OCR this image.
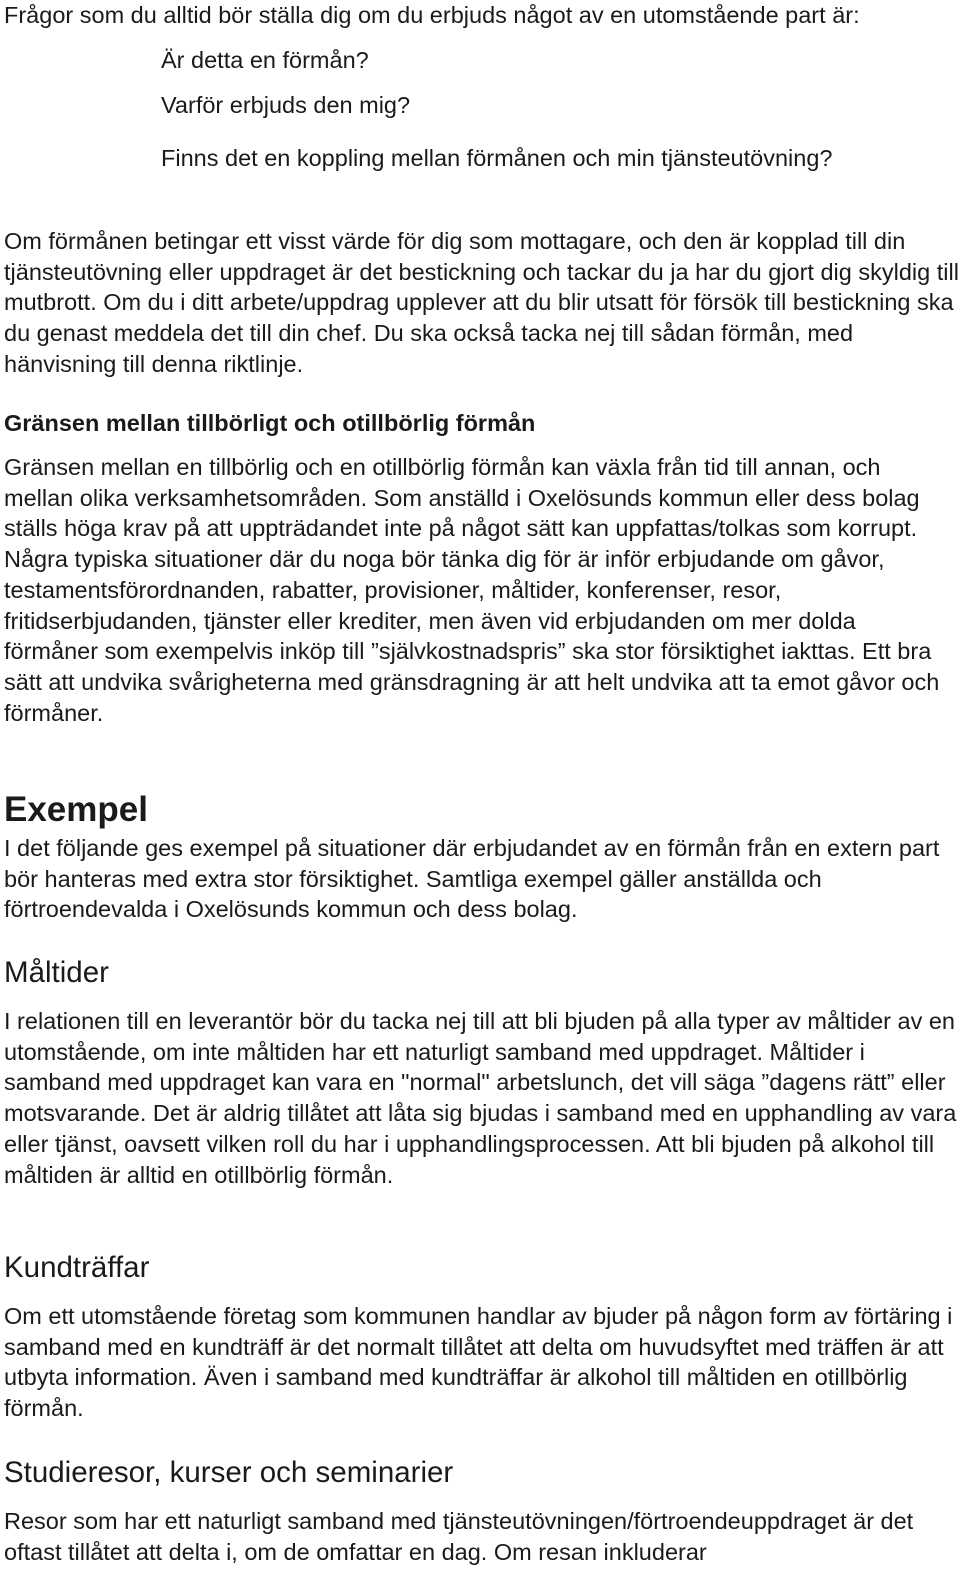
Frågor som du alltid bör ställa dig om du erbjuds något av en utomstående part är:

Är detta en förmån?
Varför erbjuds den mig?
Finns det en koppling mellan förmånen och min tjänsteutövning?

Om förmånen betingar ett visst värde för dig som mottagare, och den är kopplad till din tjänsteutövning eller uppdraget är det bestickning och tackar du ja har du gjort dig skyldig till mutbrott. Om du i ditt arbete/uppdrag upplever att du blir utsatt för försök till bestickning ska du genast meddela det till din chef. Du ska också tacka nej till sådan förmån, med hänvisning till denna riktlinje.

Gränsen mellan tillbörligt och otillbörlig förmån

Gränsen mellan en tillbörlig och en otillbörlig förmån kan växla från tid till annan, och mellan olika verksamhetsområden. Som anställd i Oxelösunds kommun eller dess bolag ställs höga krav på att uppträdandet inte på något sätt kan uppfattas/tolkas som korrupt. Några typiska situationer där du noga bör tänka dig för är inför erbjudande om gåvor, testamentsförordnanden, rabatter, provisioner, måltider, konferenser, resor, fritidserbjudanden, tjänster eller krediter, men även vid erbjudanden om mer dolda förmåner som exempelvis inköp till ”självkostnadspris” ska stor försiktighet iakttas. Ett bra sätt att undvika svårigheterna med gränsdragning är att helt undvika att ta emot gåvor och förmåner.

Exempel

I det följande ges exempel på situationer där erbjudandet av en förmån från en extern part bör hanteras med extra stor försiktighet. Samtliga exempel gäller anställda och förtroendevalda i Oxelösunds kommun och dess bolag.

Måltider

I relationen till en leverantör bör du tacka nej till att bli bjuden på alla typer av måltider av en utomstående, om inte måltiden har ett naturligt samband med uppdraget. Måltider i samband med uppdraget kan vara en "normal" arbetslunch, det vill säga ”dagens rätt” eller motsvarande. Det är aldrig tillåtet att låta sig bjudas i samband med en upphandling av vara eller tjänst, oavsett vilken roll du har i upphandlingsprocessen. Att bli bjuden på alkohol till måltiden är alltid en otillbörlig förmån.

Kundträffar

Om ett utomstående företag som kommunen handlar av bjuder på någon form av förtäring i samband med en kundträff är det normalt tillåtet att delta om huvudsyftet med träffen är att utbyta information. Även i samband med kundträffar är alkohol till måltiden en otillbörlig förmån.

Studieresor, kurser och seminarier

Resor som har ett naturligt samband med tjänsteutövningen/förtroendeuppdraget är det oftast tillåtet att delta i, om de omfattar en dag. Om resan inkluderar
